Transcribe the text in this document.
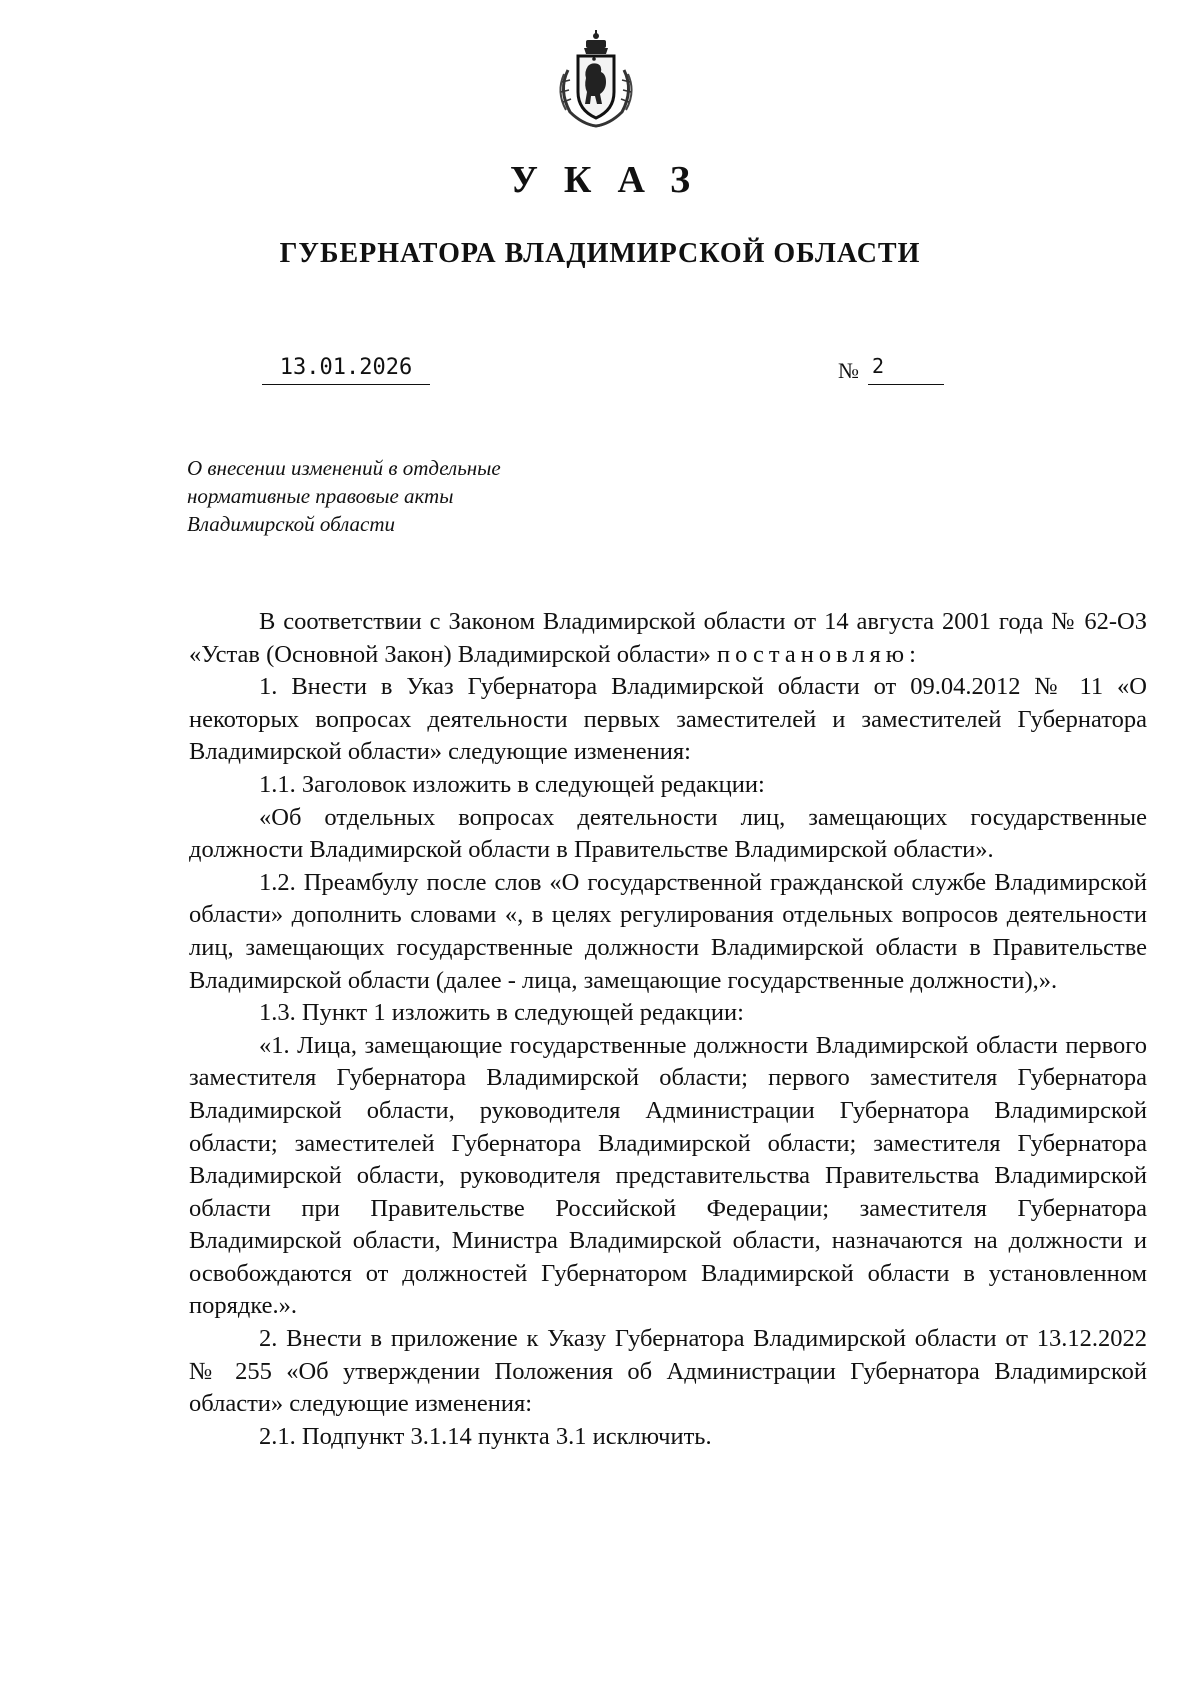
УКАЗ
ГУБЕРНАТОРА ВЛАДИМИРСКОЙ ОБЛАСТИ
13.01.2026	№ 2
О внесении изменений в отдельные
нормативные правовые акты
Владимирской области

В соответствии с Законом Владимирской области от 14 августа 2001 года № 62-ОЗ «Устав (Основной Закон) Владимирской области» постановляю:

1. Внести в Указ Губернатора Владимирской области от 09.04.2012 № 11 «О некоторых вопросах деятельности первых заместителей и заместителей Губернатора Владимирской области» следующие изменения:

1.1. Заголовок изложить в следующей редакции:

«Об отдельных вопросах деятельности лиц, замещающих государственные должности Владимирской области в Правительстве Владимирской области».

1.2. Преамбулу после слов «О государственной гражданской службе Владимирской области» дополнить словами «, в целях регулирования отдельных вопросов деятельности лиц, замещающих государственные должности Владимирской области в Правительстве Владимирской области (далее - лица, замещающие государственные должности),».

1.3. Пункт 1 изложить в следующей редакции:

«1. Лица, замещающие государственные должности Владимирской области первого заместителя Губернатора Владимирской области; первого заместителя Губернатора Владимирской области, руководителя Администрации Губернатора Владимирской области; заместителей Губернатора Владимирской области; заместителя Губернатора Владимирской области, руководителя представительства Правительства Владимирской области при Правительстве Российской Федерации; заместителя Губернатора Владимирской области, Министра Владимирской области, назначаются на должности и освобождаются от должностей Губернатором Владимирской области в установленном порядке.».

2. Внести в приложение к Указу Губернатора Владимирской области от 13.12.2022 № 255 «Об утверждении Положения об Администрации Губернатора Владимирской области» следующие изменения:

2.1. Подпункт 3.1.14 пункта 3.1 исключить.
